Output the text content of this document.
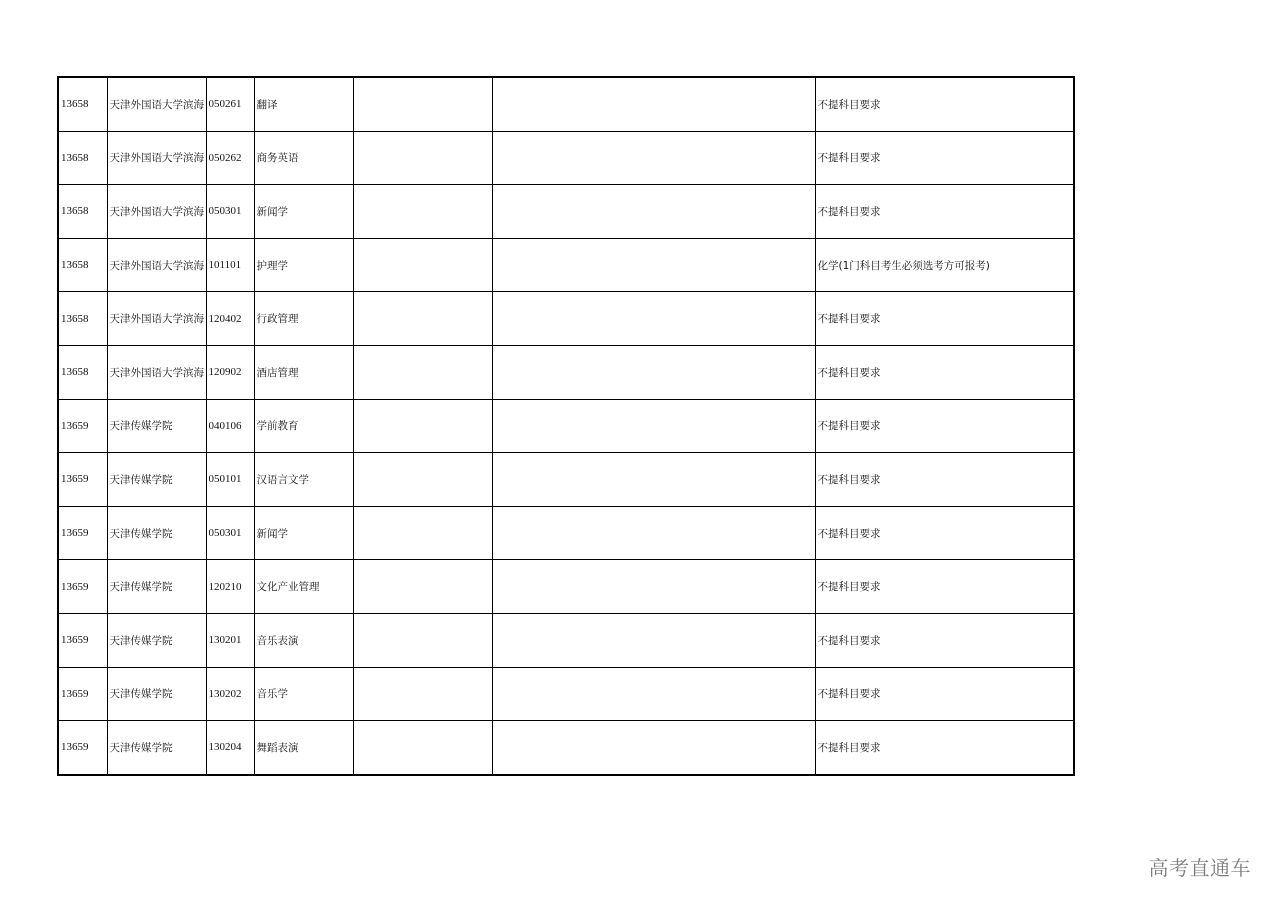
13658	天津外国语大学滨海	050261	翻译			不提科目要求
13658	天津外国语大学滨海	050262	商务英语			不提科目要求
13658	天津外国语大学滨海	050301	新闻学			不提科目要求
13658	天津外国语大学滨海	101101	护理学			化学(1门科目考生必须选考方可报考)
13658	天津外国语大学滨海	120402	行政管理			不提科目要求
13658	天津外国语大学滨海	120902	酒店管理			不提科目要求
13659	天津传媒学院	040106	学前教育			不提科目要求
13659	天津传媒学院	050101	汉语言文学			不提科目要求
13659	天津传媒学院	050301	新闻学			不提科目要求
13659	天津传媒学院	120210	文化产业管理			不提科目要求
13659	天津传媒学院	130201	音乐表演			不提科目要求
13659	天津传媒学院	130202	音乐学			不提科目要求
13659	天津传媒学院	130204	舞蹈表演			不提科目要求
高考直通车
